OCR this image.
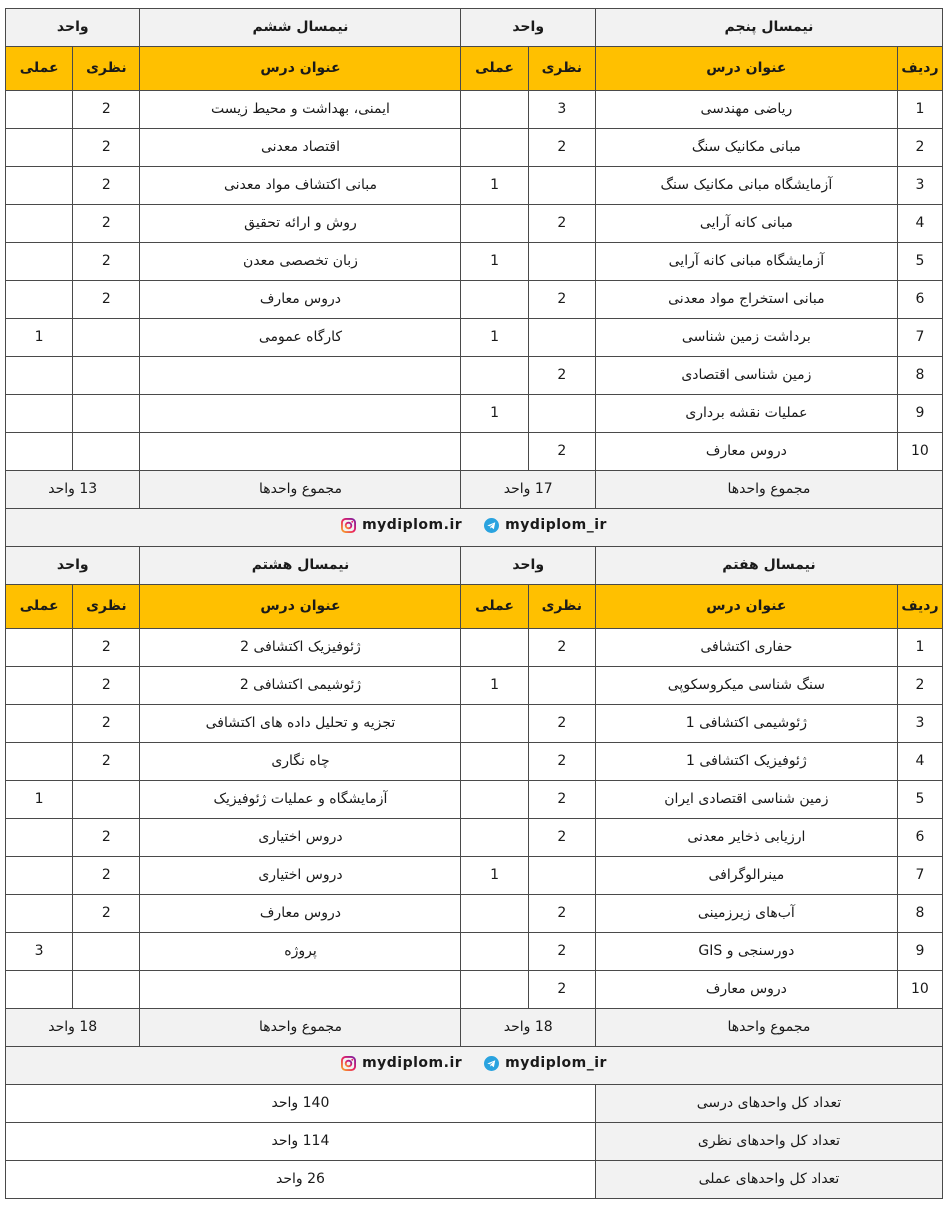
نیمسال پنجم		واحد		نیمسال ششم	واحد	
ردیف	عنوان درس	نظری	عملی	عنوان درس	نظری	عملی
1	ریاضی مهندسی	3		ایمنی، بهداشت و محیط زیست	2	
2	مبانی مکانیک سنگ	2		اقتصاد معدنی	2	
3	آزمایشگاه مبانی مکانیک سنگ		1	مبانی اکتشاف مواد معدنی	2	
4	مبانی کانه آرایی	2		روش و ارائه تحقیق	2	
5	آزمایشگاه مبانی کانه آرایی		1	زبان تخصصی معدن	2	
6	مبانی استخراج مواد معدنی	2		دروس معارف	2	
7	برداشت زمین شناسی		1	کارگاه عمومی		1
8	زمین شناسی اقتصادی	2				
9	عملیات نقشه برداری		1			
10	دروس معارف	2				
مجموع واحدها		17 واحد		مجموع واحدها	13 واحد	

mydiplom.ir mydiplom_ir						

نیمسال هفتم		واحد		نیمسال هشتم	واحد	
ردیف	عنوان درس	نظری	عملی	عنوان درس	نظری	عملی
1	حفاری اکتشافی	2		ژئوفیزیک اکتشافی 2	2	
2	سنگ شناسی میکروسکوپی		1	ژئوشیمی اکتشافی 2	2	
3	ژئوشیمی اکتشافی 1	2		تجزیه و تحلیل داده های اکتشافی	2	
4	ژئوفیزیک اکتشافی 1	2		چاه نگاری	2	
5	زمین شناسی اقتصادی ایران	2		آزمایشگاه و عملیات ژئوفیزیک		1
6	ارزیابی ذخایر معدنی	2		دروس اختیاری	2	
7	مینرالوگرافی		1	دروس اختیاری	2	
8	آب‌های زیرزمینی	2		دروس معارف	2	
9	دورسنجی و GIS	2		پروژه		3
10	دروس معارف	2				
مجموع واحدها		18 واحد		مجموع واحدها	18 واحد	

mydiplom.ir mydiplom_ir						

تعداد کل واحدهای درسی		140 واحد				
تعداد کل واحدهای نظری		114 واحد				
تعداد کل واحدهای عملی		26 واحد				
